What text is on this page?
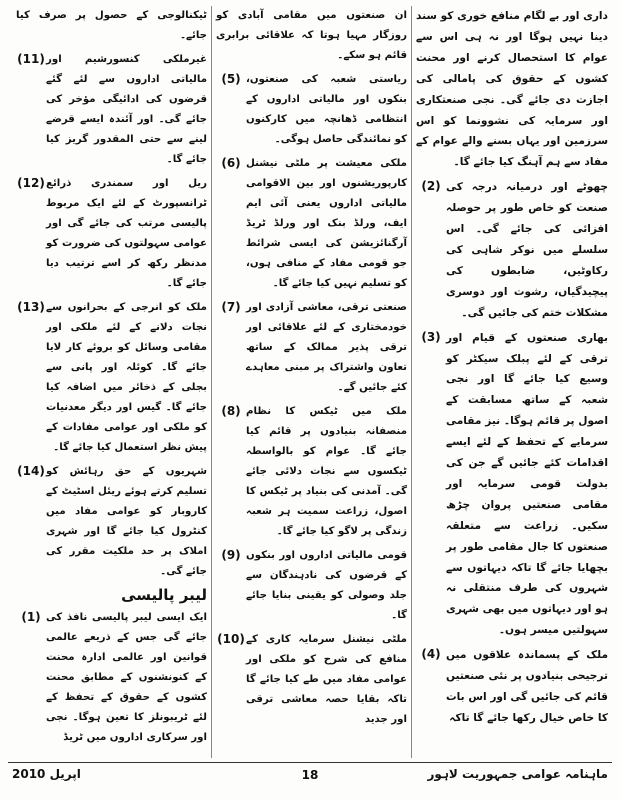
داری اور بے لگام منافع خوری کو سند دینا نہیں ہوگا اور نہ ہی اس سے عوام کا استحصال کرنے اور محنت کشوں کے حقوق کی پامالی کی اجازت دی جائے گی۔ نجی صنعتکاری اور سرمایہ کی نشوونما کو اس سرزمین اور یہاں بسنے والے عوام کے مفاد سے ہم آہنگ کیا جائے گا۔
چھوٹے اور درمیانہ درجہ کی صنعت کو خاص طور پر حوصلہ افزائی کی جائے گی۔ اس سلسلے میں نوکر شاہی کی رکاوٹیں، ضابطوں کی پیچیدگیاں، رشوت اور دوسری مشکلات ختم کی جائیں گی۔
(2)
بھاری صنعتوں کے قیام اور ترقی کے لئے پبلک سیکٹر کو وسیع کیا جائے گا اور نجی شعبہ کے ساتھ مسابقت کے اصول پر قائم ہوگا۔ نیز مقامی سرمایے کے تحفظ کے لئے ایسے اقدامات کئے جائیں گے جن کی بدولت قومی سرمایہ اور مقامی صنعتیں پروان چڑھ سکیں۔ زراعت سے متعلقہ صنعتوں کا جال مقامی طور پر بچھایا جائے گا تاکہ دیہاتوں سے شہروں کی طرف منتقلی نہ ہو اور دیہاتوں میں بھی شہری سہولتیں میسر ہوں۔
(3)
ملک کے پسماندہ علاقوں میں ترجیحی بنیادوں پر نئی صنعتیں قائم کی جائیں گی اور اس بات کا خاص خیال رکھا جائے گا تاکہ
(4)
ان صنعتوں میں مقامی آبادی کو روزگار مہیا ہوتا کہ علاقائی برابری قائم ہو سکے۔
ریاستی شعبہ کی صنعتوں، بنکوں اور مالیاتی اداروں کے انتظامی ڈھانچہ میں کارکنوں کو نمائندگی حاصل ہوگی۔
(5)
ملکی معیشت پر ملٹی نیشنل کارپوریشنوں اور بین الاقوامی مالیاتی اداروں یعنی آئی ایم ایف، ورلڈ بنک اور ورلڈ ٹریڈ آرگنائزیشن کی ایسی شرائط جو قومی مفاد کے منافی ہوں، کو تسلیم نہیں کیا جائے گا۔
(6)
صنعتی ترقی، معاشی آزادی اور خودمختاری کے لئے علاقائی اور ترقی پذیر ممالک کے ساتھ تعاون واشتراک پر مبنی معاہدے کئے جائیں گے۔
(7)
ملک میں ٹیکس کا نظام منصفانہ بنیادوں پر قائم کیا جائے گا۔ عوام کو بالواسطہ ٹیکسوں سے نجات دلائی جائے گی۔ آمدنی کی بنیاد پر ٹیکس کا اصول، زراعت سمیت ہر شعبہ زندگی پر لاگو کیا جائے گا۔
(8)
قومی مالیاتی اداروں اور بنکوں کے قرضوں کی نادہندگان سے جلد وصولی کو یقینی بنایا جائے گا۔
(9)
ملٹی نیشنل سرمایہ کاری کے منافع کی شرح کو ملکی اور عوامی مفاد میں طے کیا جائے گا تاکہ بقایا حصہ معاشی ترقی اور جدید
(10)
ٹیکنالوجی کے حصول پر صرف کیا جائے۔
غیرملکی کنسورشیم اور مالیاتی اداروں سے لئے گئے قرضوں کی ادائیگی مؤخر کی جائے گی۔ اور آئندہ ایسے قرضے لینے سے حتی المقدور گریز کیا جائے گا۔
(11)
ریل اور سمندری ذرائع ٹرانسپورٹ کے لئے ایک مربوط پالیسی مرتب کی جائے گی اور عوامی سہولتوں کی ضرورت کو مدنظر رکھ کر اسے ترتیب دیا جائے گا۔
(12)
ملک کو انرجی کے بحرانوں سے نجات دلانے کے لئے ملکی اور مقامی وسائل کو بروئے کار لایا جائے گا۔ کوئلہ اور پانی سے بجلی کے ذخائر میں اضافہ کیا جائے گا۔ گیس اور دیگر معدنیات کو ملکی اور عوامی مفادات کے پیش نظر استعمال کیا جائے گا۔
(13)
شہریوں کے حق رہائش کو تسلیم کرتے ہوئے ریئل اسٹیٹ کے کاروبار کو عوامی مفاد میں کنٹرول کیا جائے گا اور شہری املاک پر حد ملکیت مقرر کی جائے گی۔
(14)
لیبر پالیسی
ایک ایسی لیبر پالیسی نافذ کی جائے گی جس کے ذریعے عالمی قوانین اور عالمی ادارہ محنت کے کنونشنوں کے مطابق محنت کشوں کے حقوق کے تحفظ کے لئے ٹریبونلز کا تعین ہوگا۔ نجی اور سرکاری اداروں میں ٹریڈ
(1)
ماہنامہ عوامی جمہوریت لاہور
18
اپریل 2010
